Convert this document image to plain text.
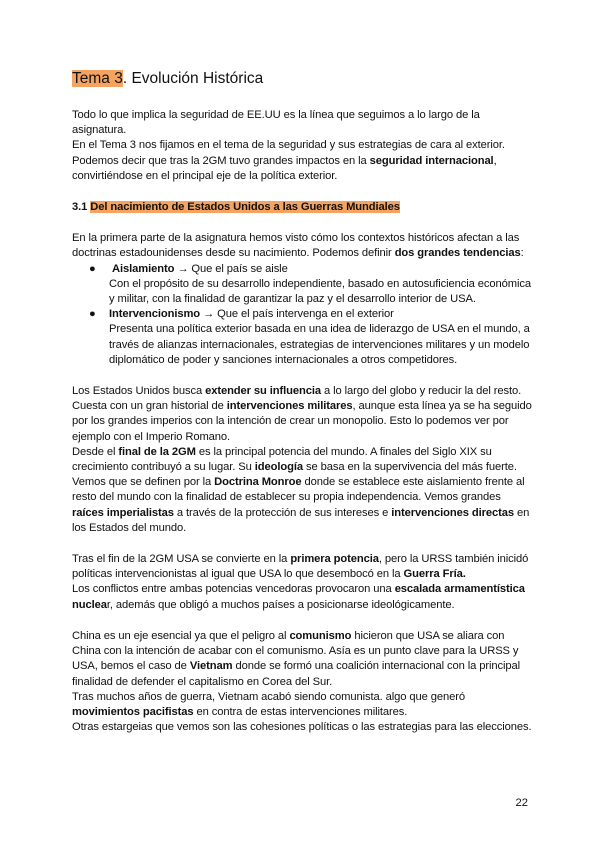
Tema 3. Evolución Histórica

Todo lo que implica la seguridad de EE.UU es la línea que seguimos a lo largo de la asignatura.

En el Tema 3 nos fijamos en el tema de la seguridad y sus estrategias de cara al exterior.

Podemos decir que tras la 2GM tuvo grandes impactos en la seguridad internacional, convirtiéndose en el principal eje de la política exterior.

3.1 Del nacimiento de Estados Unidos a las Guerras Mundiales

En la primera parte de la asignatura hemos visto cómo los contextos históricos afectan a las doctrinas estadounidenses desde su nacimiento. Podemos definir dos grandes tendencias:

● Aislamiento → Que el país se aisle
Con el propósito de su desarrollo independiente, basado en autosuficiencia económica y militar, con la finalidad de garantizar la paz y el desarrollo interior de USA.
● Intervencionismo → Que el país intervenga en el exterior
Presenta una política exterior basada en una idea de liderazgo de USA en el mundo, a través de alianzas internacionales, estrategias de intervenciones militares y un modelo diplomático de poder y sanciones internacionales a otros competidores.

Los Estados Unidos busca extender su influencia a lo largo del globo y reducir la del resto. Cuesta con un gran historial de intervenciones militares, aunque esta línea ya se ha seguido por los grandes imperios con la intención de crear un monopolio. Esto lo podemos ver por ejemplo con el Imperio Romano.

Desde el final de la 2GM es la principal potencia del mundo. A finales del Siglo XIX su crecimiento contribuyó a su lugar. Su ideología se basa en la supervivencia del más fuerte. Vemos que se definen por la Doctrina Monroe donde se establece este aislamiento frente al resto del mundo con la finalidad de establecer su propia independencia. Vemos grandes raíces imperialistas a través de la protección de sus intereses e intervenciones directas en los Estados del mundo.

Tras el fin de la 2GM USA se convierte en la primera potencia, pero la URSS también inicidó políticas intervencionistas al igual que USA lo que desembocó en la Guerra Fría.

Los conflictos entre ambas potencias vencedoras provocaron una escalada armamentística nuclear, además que obligó a muchos países a posicionarse ideológicamente.

China es un eje esencial ya que el peligro al comunismo hicieron que USA se aliara con China con la intención de acabar con el comunismo. Asía es un punto clave para la URSS y USA, bemos el caso de Vietnam donde se formó una coalición internacional con la principal finalidad de defender el capitalismo en Corea del Sur.

Tras muchos años de guerra, Vietnam acabó siendo comunista. algo que generó movimientos pacifistas en contra de estas intervenciones militares.

Otras estargeias que vemos son las cohesiones políticas o las estrategias para las elecciones.

22
